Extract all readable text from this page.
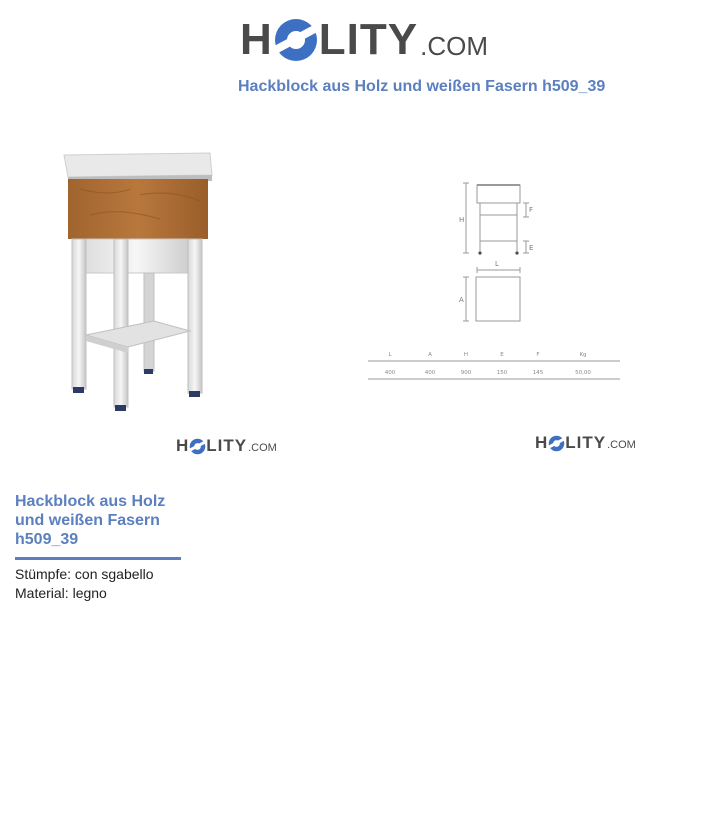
H LITY .COM
Hackblock aus Holz und weißen Fasern h509_39
H
F
E
L
A
L	A	H	E	F	Kg
400	400	900	150	145	50,00
H LITY .COM	H LITY .COM
Hackblock aus Holz und weißen Fasern h509_39
Stümpfe: con sgabello
Material: legno
